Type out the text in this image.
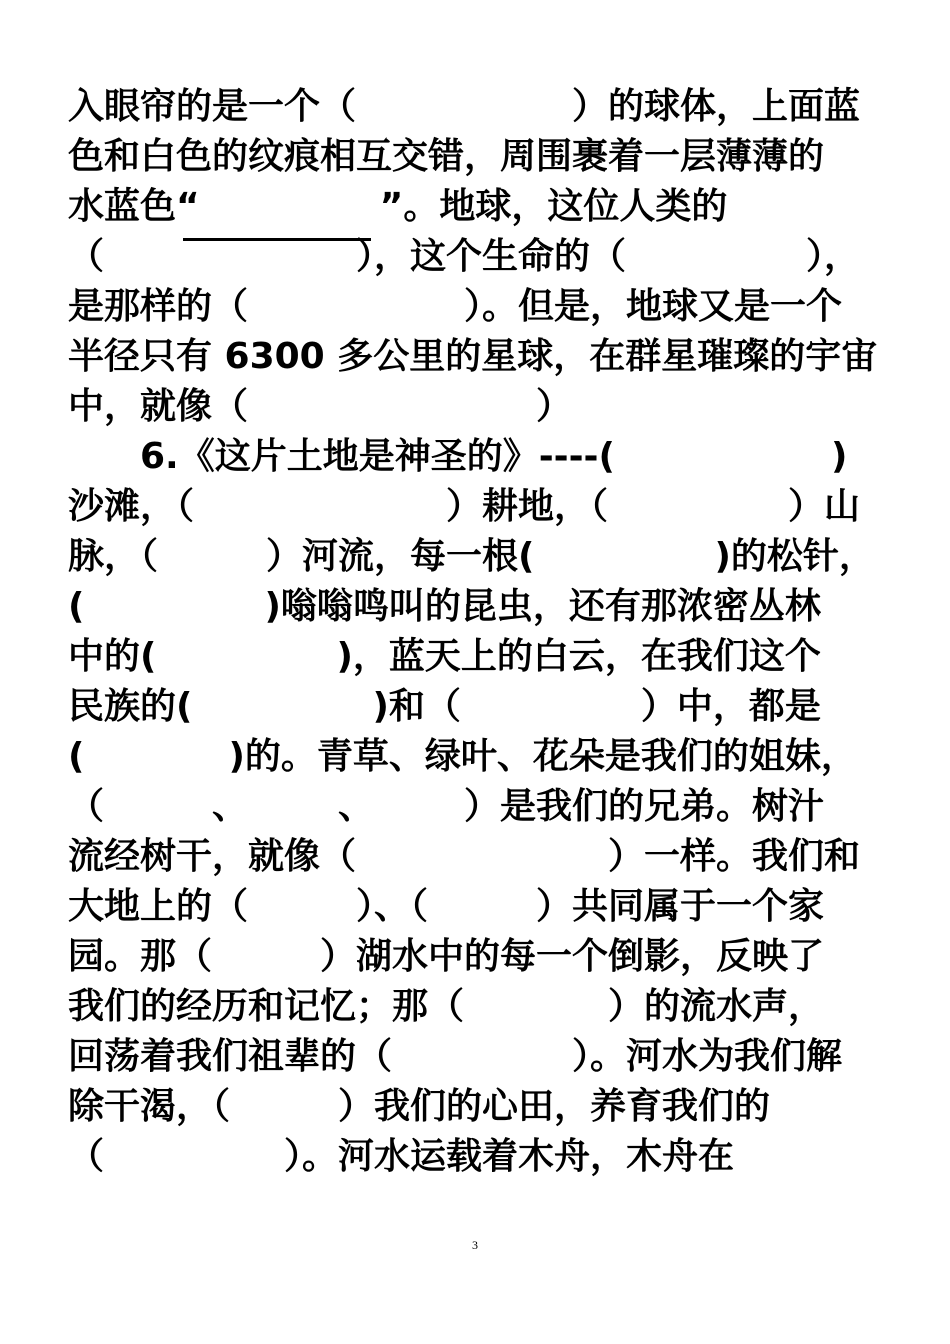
入眼帘的是一个（　　　　　　）的球体，上面蓝
色和白色的纹痕相互交错，周围裹着一层薄薄的
水蓝色“　　　　　”。地球，这位人类的
（　　　　　　　），这个生命的（　　　　　），
是那样的（　　　　　　）。但是，地球又是一个
半径只有 6300 多公里的星球，在群星璀璨的宇宙
中，就像（　　　　　　　　）
　　6.《这片土地是神圣的》----(　　　　　　)
沙滩，（　　　　　　　）耕地，（　　　　　）山
脉，（　　　）河流，每一根(　　　　　)的松针，
(　　　　　)嗡嗡鸣叫的昆虫，还有那浓密丛林
中的(　　　　　)，蓝天上的白云，在我们这个
民族的(　　　　　)和（　　　　　）中，都是
(　　　　)的。青草、绿叶、花朵是我们的姐妹，
（　　　、　　　、　　　）是我们的兄弟。树汁
流经树干，就像（　　　　　　　）一样。我们和
大地上的（　　　）、（　　　）共同属于一个家
园。那（　　　）湖水中的每一个倒影，反映了
我们的经历和记忆；那（　　　　）的流水声，
回荡着我们祖辈的（　　　　　）。河水为我们解
除干渴，（　　　）我们的心田，养育我们的
（　　　　　）。河水运载着木舟，木舟在
3
